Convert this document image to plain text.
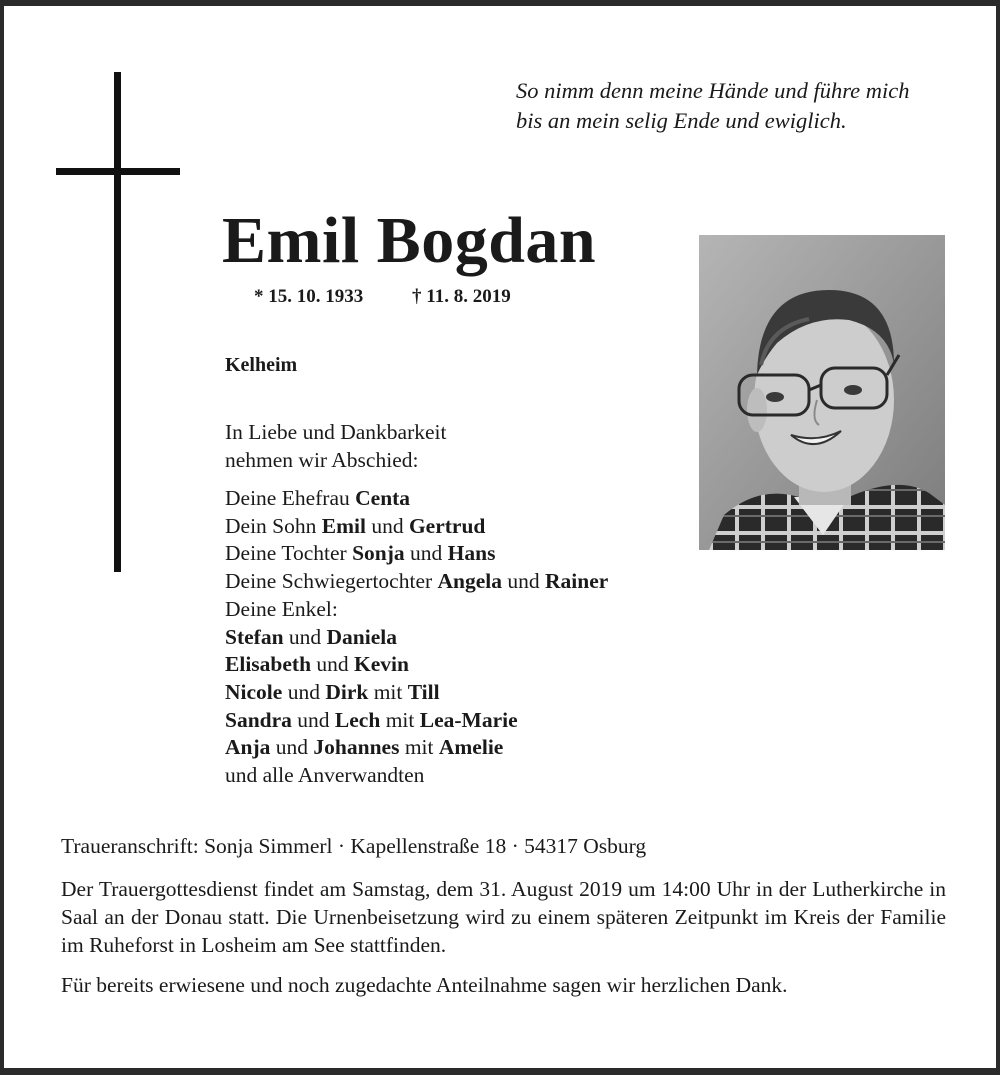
So nimm denn meine Hände und führe mich
bis an mein selig Ende und ewiglich.
Emil Bogdan
* 15. 10. 1933	† 11. 8. 2019
Kelheim
In Liebe und Dankbarkeit
nehmen wir Abschied:
Deine Ehefrau Centa
Dein Sohn Emil und Gertrud
Deine Tochter Sonja und Hans
Deine Schwiegertochter Angela und Rainer
Deine Enkel:
Stefan und Daniela
Elisabeth und Kevin
Nicole und Dirk mit Till
Sandra und Lech mit Lea-Marie
Anja und Johannes mit Amelie
und alle Anverwandten
Traueranschrift: Sonja Simmerl · Kapellenstraße 18 · 54317 Osburg
Der Trauergottesdienst findet am Samstag, dem 31. August 2019 um 14:00 Uhr in der Lutherkirche in Saal an der Donau statt. Die Urnenbeisetzung wird zu einem späteren Zeitpunkt im Kreis der Familie im Ruheforst in Losheim am See stattfinden.
Für bereits erwiesene und noch zugedachte Anteilnahme sagen wir herzlichen Dank.
